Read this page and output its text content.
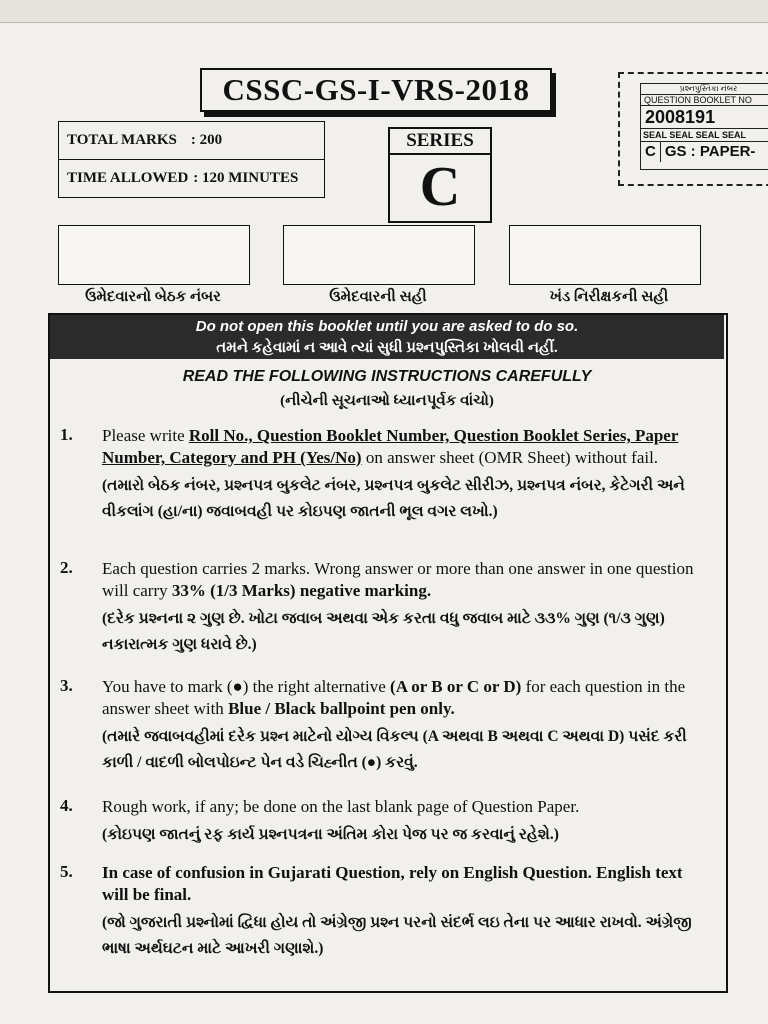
CSSC-GS-I-VRS-2018	પ્રશ્નપુસ્તિકા નંબર
QUESTION BOOKLET NO
2008191
SEAL SEAL SEAL SEAL
C GS : PAPER-
TOTAL MARKS : 200
TIME ALLOWED : 120 MINUTES
SERIES
C
ઉમેદવારનો બેઠક નંબર	ઉમેદવારની સહી	ખંડ નિરીક્ષકની સહી
Do not open this booklet until you are asked to do so.
તમને કહેવામાં ન આવે ત્યાં સુધી પ્રશ્નપુસ્તિકા ખોલવી નહીં.
READ THE FOLLOWING INSTRUCTIONS CAREFULLY
(નીચેની સૂચનાઓ ધ્યાનપૂર્વક વાંચો)
1.	Please write Roll No., Question Booklet Number, Question Booklet Series, Paper Number, Category and PH (Yes/No) on answer sheet (OMR Sheet) without fail.
(તમારો બેઠક નંબર, પ્રશ્નપત્ર બુકલેટ નંબર, પ્રશ્નપત્ર બુકલેટ સીરીઝ, પ્રશ્નપત્ર નંબર, કેટેગરી અને વીકલાંગ (હા/ના) જવાબવહી પર કોઇપણ જાતની ભૂલ વગર લખો.)
2.	Each question carries 2 marks. Wrong answer or more than one answer in one question will carry 33% (1/3 Marks) negative marking.
(દરેક પ્રશ્નના ૨ ગુણ છે. ખોટા જવાબ અથવા એક કરતા વધુ જવાબ માટે ૩૩% ગુણ (૧/૩ ગુણ) નકારાત્મક ગુણ ધરાવે છે.)
3.	You have to mark (●) the right alternative (A or B or C or D) for each question in the answer sheet with Blue / Black ballpoint pen only.
(તમારે જવાબવહીમાં દરેક પ્રશ્ન માટેનો યોગ્ય વિકલ્પ (A અથવા B અથવા C અથવા D) પસંદ કરી કાળી / વાદળી બોલપોઇન્ટ પેન વડે ચિહ્નીત (●) કરવું.
4.	Rough work, if any; be done on the last blank page of Question Paper.
(કોઇપણ જાતનું રફ કાર્ય પ્રશ્નપત્રના અંતિમ કોરા પેજ પર જ કરવાનું રહેશે.)
5.	In case of confusion in Gujarati Question, rely on English Question. English text will be final.
(જો ગુજરાતી પ્રશ્નોમાં દ્વિધા હોય તો અંગ્રેજી પ્રશ્ન પરનો સંદર્ભ લઇ તેના પર આધાર રાખવો. અંગ્રેજી ભાષા અર્થઘટન માટે આખરી ગણાશે.)
